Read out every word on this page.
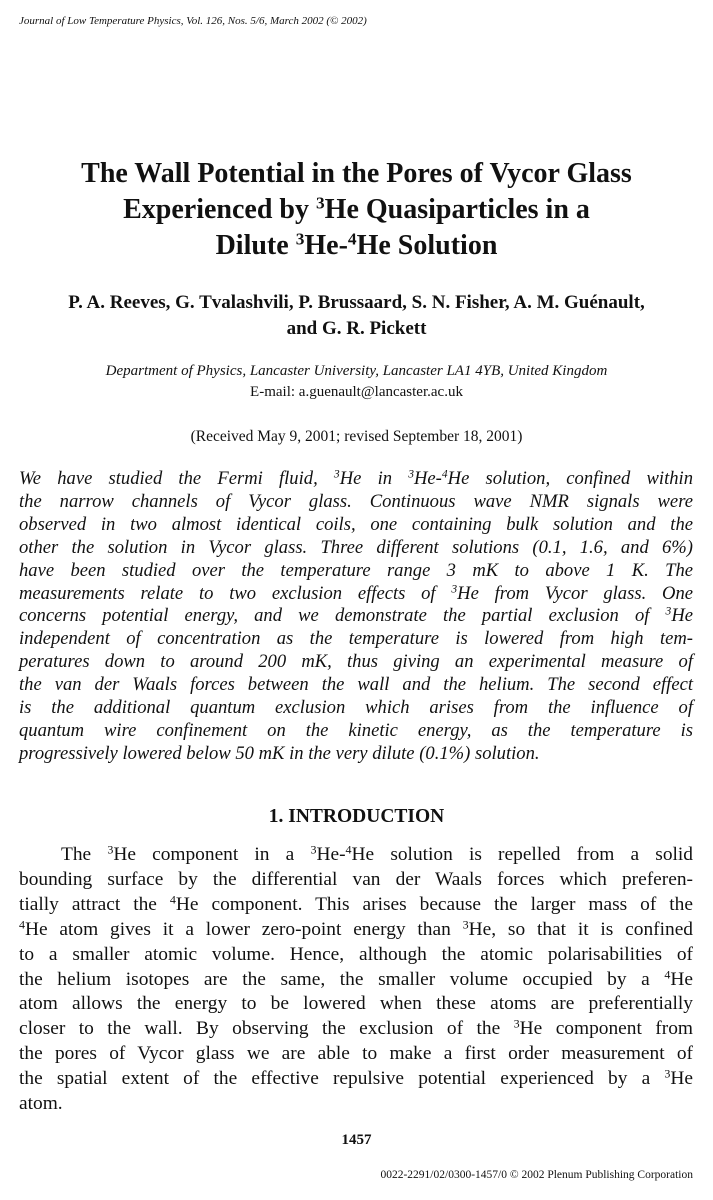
Journal of Low Temperature Physics, Vol. 126, Nos. 5/6, March 2002 (© 2002)
The Wall Potential in the Pores of Vycor Glass
Experienced by $^3$He Quasiparticles in a
Dilute $^3$He-$^4$He Solution
P. A. Reeves, G. Tvalashvili, P. Brussaard, S. N. Fisher, A. M. Guénault,
and G. R. Pickett
Department of Physics, Lancaster University, Lancaster LA1 4YB, United Kingdom
E-mail: a.guenault@lancaster.ac.uk
(Received May 9, 2001; revised September 18, 2001)
We have studied the Fermi fluid, $^3$He in $^3$He-$^4$He solution, confined within
the narrow channels of Vycor glass. Continuous wave NMR signals were
observed in two almost identical coils, one containing bulk solution and the
other the solution in Vycor glass. Three different solutions (0.1, 1.6, and 6%)
have been studied over the temperature range 3 mK to above 1 K. The
measurements relate to two exclusion effects of $^3$He from Vycor glass. One
concerns potential energy, and we demonstrate the partial exclusion of $^3$He
independent of concentration as the temperature is lowered from high tem-
peratures down to around 200 mK, thus giving an experimental measure of
the van der Waals forces between the wall and the helium. The second effect
is the additional quantum exclusion which arises from the influence of
quantum wire confinement on the kinetic energy, as the temperature is
progressively lowered below 50 mK in the very dilute (0.1%) solution.
1. INTRODUCTION
The $^3$He component in a $^3$He-$^4$He solution is repelled from a solid
bounding surface by the differential van der Waals forces which preferen-
tially attract the $^4$He component. This arises because the larger mass of the
$^4$He atom gives it a lower zero-point energy than $^3$He, so that it is confined
to a smaller atomic volume. Hence, although the atomic polarisabilities of
the helium isotopes are the same, the smaller volume occupied by a $^4$He
atom allows the energy to be lowered when these atoms are preferentially
closer to the wall. By observing the exclusion of the $^3$He component from
the pores of Vycor glass we are able to make a first order measurement of
the spatial extent of the effective repulsive potential experienced by a $^3$He
atom.
1457
0022-2291/02/0300-1457/0 © 2002 Plenum Publishing Corporation
